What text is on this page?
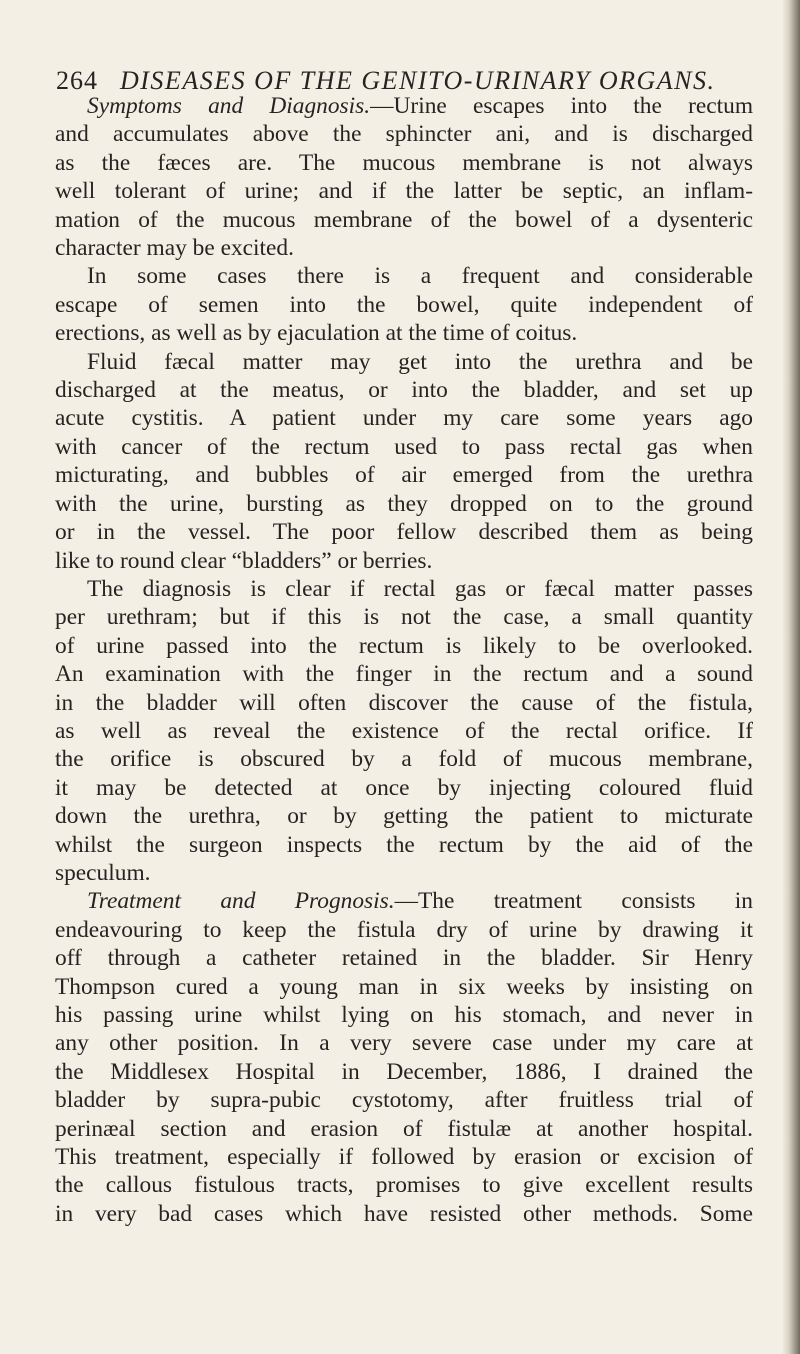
264 DISEASES OF THE GENITO-URINARY ORGANS.
Symptoms and Diagnosis.—Urine escapes into the rectum
and accumulates above the sphincter ani, and is discharged
as the fæces are. The mucous membrane is not always
well tolerant of urine; and if the latter be septic, an inflam-
mation of the mucous membrane of the bowel of a dysenteric
character may be excited.
In some cases there is a frequent and considerable
escape of semen into the bowel, quite independent of
erections, as well as by ejaculation at the time of coitus.
Fluid fæcal matter may get into the urethra and be
discharged at the meatus, or into the bladder, and set up
acute cystitis. A patient under my care some years ago
with cancer of the rectum used to pass rectal gas when
micturating, and bubbles of air emerged from the urethra
with the urine, bursting as they dropped on to the ground
or in the vessel. The poor fellow described them as being
like to round clear “bladders” or berries.
The diagnosis is clear if rectal gas or fæcal matter passes
per urethram; but if this is not the case, a small quantity
of urine passed into the rectum is likely to be overlooked.
An examination with the finger in the rectum and a sound
in the bladder will often discover the cause of the fistula,
as well as reveal the existence of the rectal orifice. If
the orifice is obscured by a fold of mucous membrane,
it may be detected at once by injecting coloured fluid
down the urethra, or by getting the patient to micturate
whilst the surgeon inspects the rectum by the aid of the
speculum.
Treatment and Prognosis.—The treatment consists in
endeavouring to keep the fistula dry of urine by drawing it
off through a catheter retained in the bladder. Sir Henry
Thompson cured a young man in six weeks by insisting on
his passing urine whilst lying on his stomach, and never in
any other position. In a very severe case under my care at
the Middlesex Hospital in December, 1886, I drained the
bladder by supra-pubic cystotomy, after fruitless trial of
perinæal section and erasion of fistulæ at another hospital.
This treatment, especially if followed by erasion or excision of
the callous fistulous tracts, promises to give excellent results
in very bad cases which have resisted other methods. Some
